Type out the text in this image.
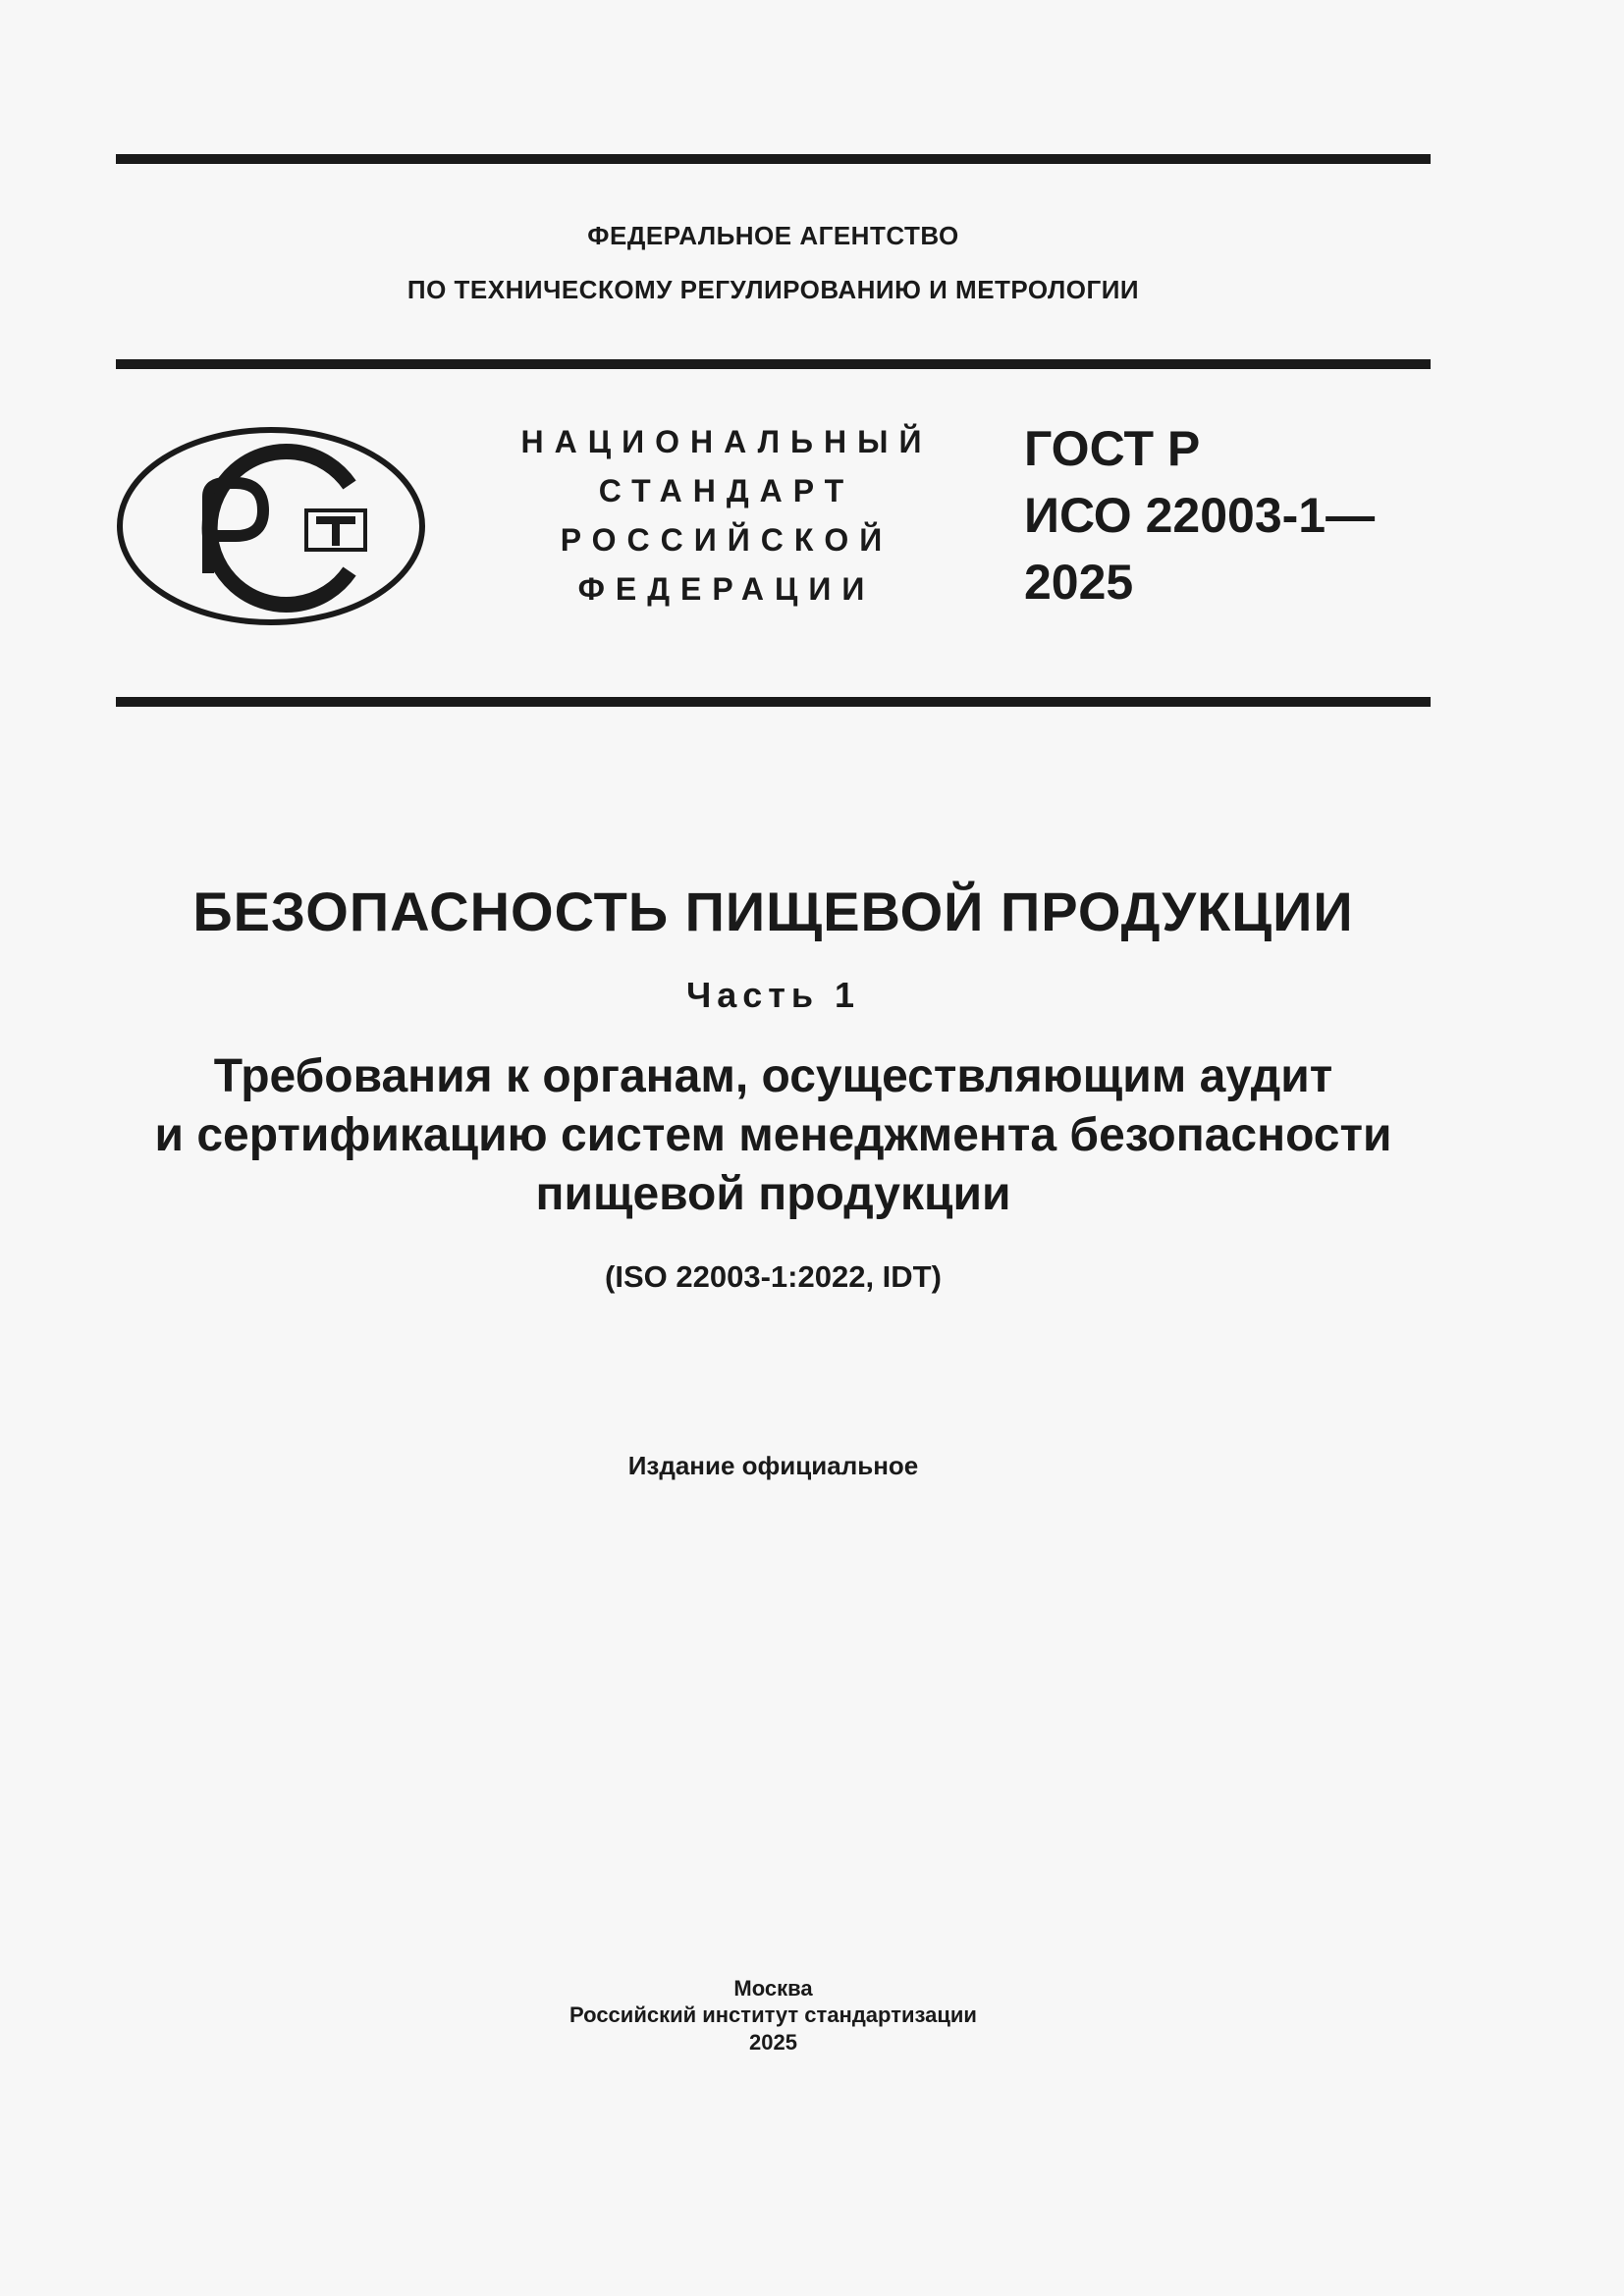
ФЕДЕРАЛЬНОЕ АГЕНТСТВО
ПО ТЕХНИЧЕСКОМУ РЕГУЛИРОВАНИЮ И МЕТРОЛОГИИ
НАЦИОНАЛЬНЫЙ
СТАНДАРТ
РОССИЙСКОЙ
ФЕДЕРАЦИИ
ГОСТ Р
ИСО 22003-1—
2025
БЕЗОПАСНОСТЬ ПИЩЕВОЙ ПРОДУКЦИИ
Часть 1
Требования к органам, осуществляющим аудит
и сертификацию систем менеджмента безопасности
пищевой продукции
(ISO 22003-1:2022, IDT)
Издание официальное
Москва
Российский институт стандартизации
2025
